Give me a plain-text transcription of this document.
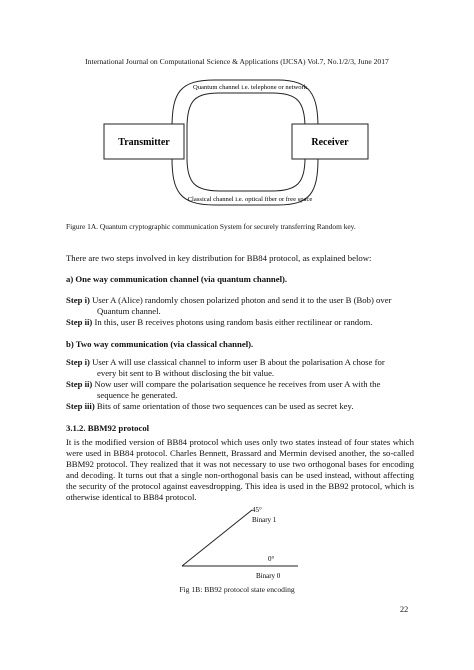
International Journal on Computational Science & Applications (IJCSA) Vol.7, No.1/2/3, June 2017
Transmitter	Receiver
Quantum channel i.e. telephone or network
Classical channel i.e. optical fiber or free space
Figure 1A. Quantum cryptographic communication System for securely transferring Random key.
There are two steps involved in key distribution for BB84 protocol, as explained below:
a) One way communication channel (via quantum channel).
Step i) User A (Alice) randomly chosen polarized photon and send it to the user B (Bob) over
Quantum channel.
Step ii) In this, user B receives photons using random basis either rectilinear or random.
b) Two way communication (via classical channel).
Step i) User A will use classical channel to inform user B about the polarisation A chose for
every bit sent to B without disclosing the bit value.
Step ii) Now user will compare the polarisation sequence he receives from user A with the
sequence he generated.
Step iii) Bits of same orientation of those two sequences can be used as secret key.
3.1.2. BBM92 protocol
It is the modified version of BB84 protocol which uses only two states instead of four states which were used in BB84 protocol. Charles Bennett, Brassard and Mermin devised another, the so-called BBM92 protocol. They realized that it was not necessary to use two orthogonal bases for encoding and decoding. It turns out that a single non-orthogonal basis can be used instead, without affecting the security of the protocol against eavesdropping. This idea is used in the BB92 protocol, which is otherwise identical to BB84 protocol.
45°
Binary 1
0°
Binary 0
Fig 1B: BB92 protocol state encoding
22
